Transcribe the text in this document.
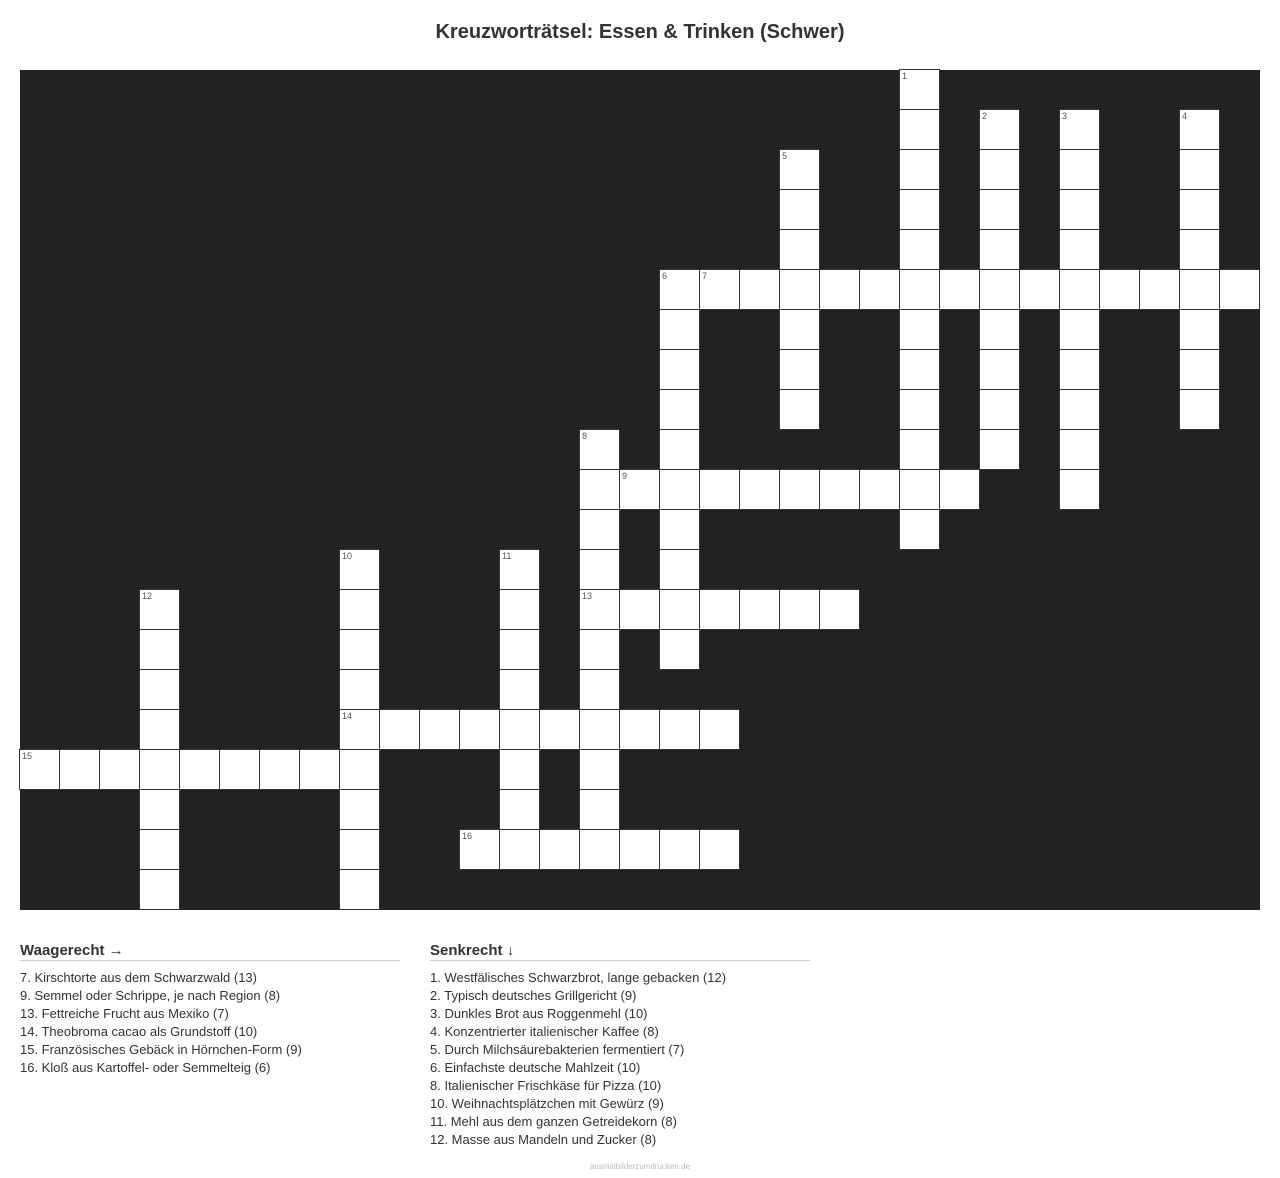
Kreuzworträtsel: Essen & Trinken (Schwer)
1
2	3	4
5
6	7
8
13
9
10
14
11
12
15
16
Waagerecht →
7. Kirschtorte aus dem Schwarzwald (13)
9. Semmel oder Schrippe, je nach Region (8)
13. Fettreiche Frucht aus Mexiko (7)
14. Theobroma cacao als Grundstoff (10)
15. Französisches Gebäck in Hörnchen-Form (9)
16. Kloß aus Kartoffel- oder Semmelteig (6)
Senkrecht ↓
1. Westfälisches Schwarzbrot, lange gebacken (12)
2. Typisch deutsches Grillgericht (9)
3. Dunkles Brot aus Roggenmehl (10)
4. Konzentrierter italienischer Kaffee (8)
5. Durch Milchsäurebakterien fermentiert (7)
6. Einfachste deutsche Mahlzeit (10)
8. Italienischer Frischkäse für Pizza (10)
10. Weihnachtsplätzchen mit Gewürz (9)
11. Mehl aus dem ganzen Getreidekorn (8)
12. Masse aus Mandeln und Zucker (8)
ausmalbilderzumdrucken.de
